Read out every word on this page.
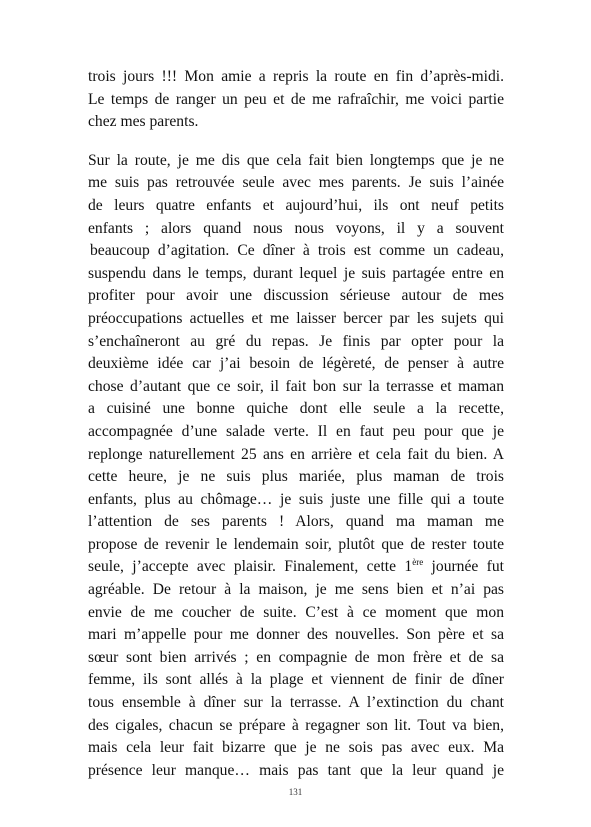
trois jours !!! Mon amie a repris la route en fin d’après-midi.
Le temps de ranger un peu et de me rafraîchir, me voici partie
chez mes parents.

Sur la route, je me dis que cela fait bien longtemps que je ne
me suis pas retrouvée seule avec mes parents. Je suis l’ainée
de leurs quatre enfants et aujourd’hui, ils ont neuf petits
enfants ; alors quand nous nous voyons, il y a souvent
beaucoup d’agitation. Ce dîner à trois est comme un cadeau,
suspendu dans le temps, durant lequel je suis partagée entre en
profiter pour avoir une discussion sérieuse autour de mes
préoccupations actuelles et me laisser bercer par les sujets qui
s’enchaîneront au gré du repas. Je finis par opter pour la
deuxième idée car j’ai besoin de légèreté, de penser à autre
chose d’autant que ce soir, il fait bon sur la terrasse et maman
a cuisiné une bonne quiche dont elle seule a la recette,
accompagnée d’une salade verte. Il en faut peu pour que je
replonge naturellement 25 ans en arrière et cela fait du bien. A
cette heure, je ne suis plus mariée, plus maman de trois
enfants, plus au chômage… je suis juste une fille qui a toute
l’attention de ses parents ! Alors, quand ma maman me
propose de revenir le lendemain soir, plutôt que de rester toute
seule, j’accepte avec plaisir. Finalement, cette 1ère journée fut
agréable. De retour à la maison, je me sens bien et n’ai pas
envie de me coucher de suite. C’est à ce moment que mon
mari m’appelle pour me donner des nouvelles. Son père et sa
sœur sont bien arrivés ; en compagnie de mon frère et de sa
femme, ils sont allés à la plage et viennent de finir de dîner
tous ensemble à dîner sur la terrasse. A l’extinction du chant
des cigales, chacun se prépare à regagner son lit. Tout va bien,
mais cela leur fait bizarre que je ne sois pas avec eux. Ma
présence leur manque… mais pas tant que la leur quand je

131
